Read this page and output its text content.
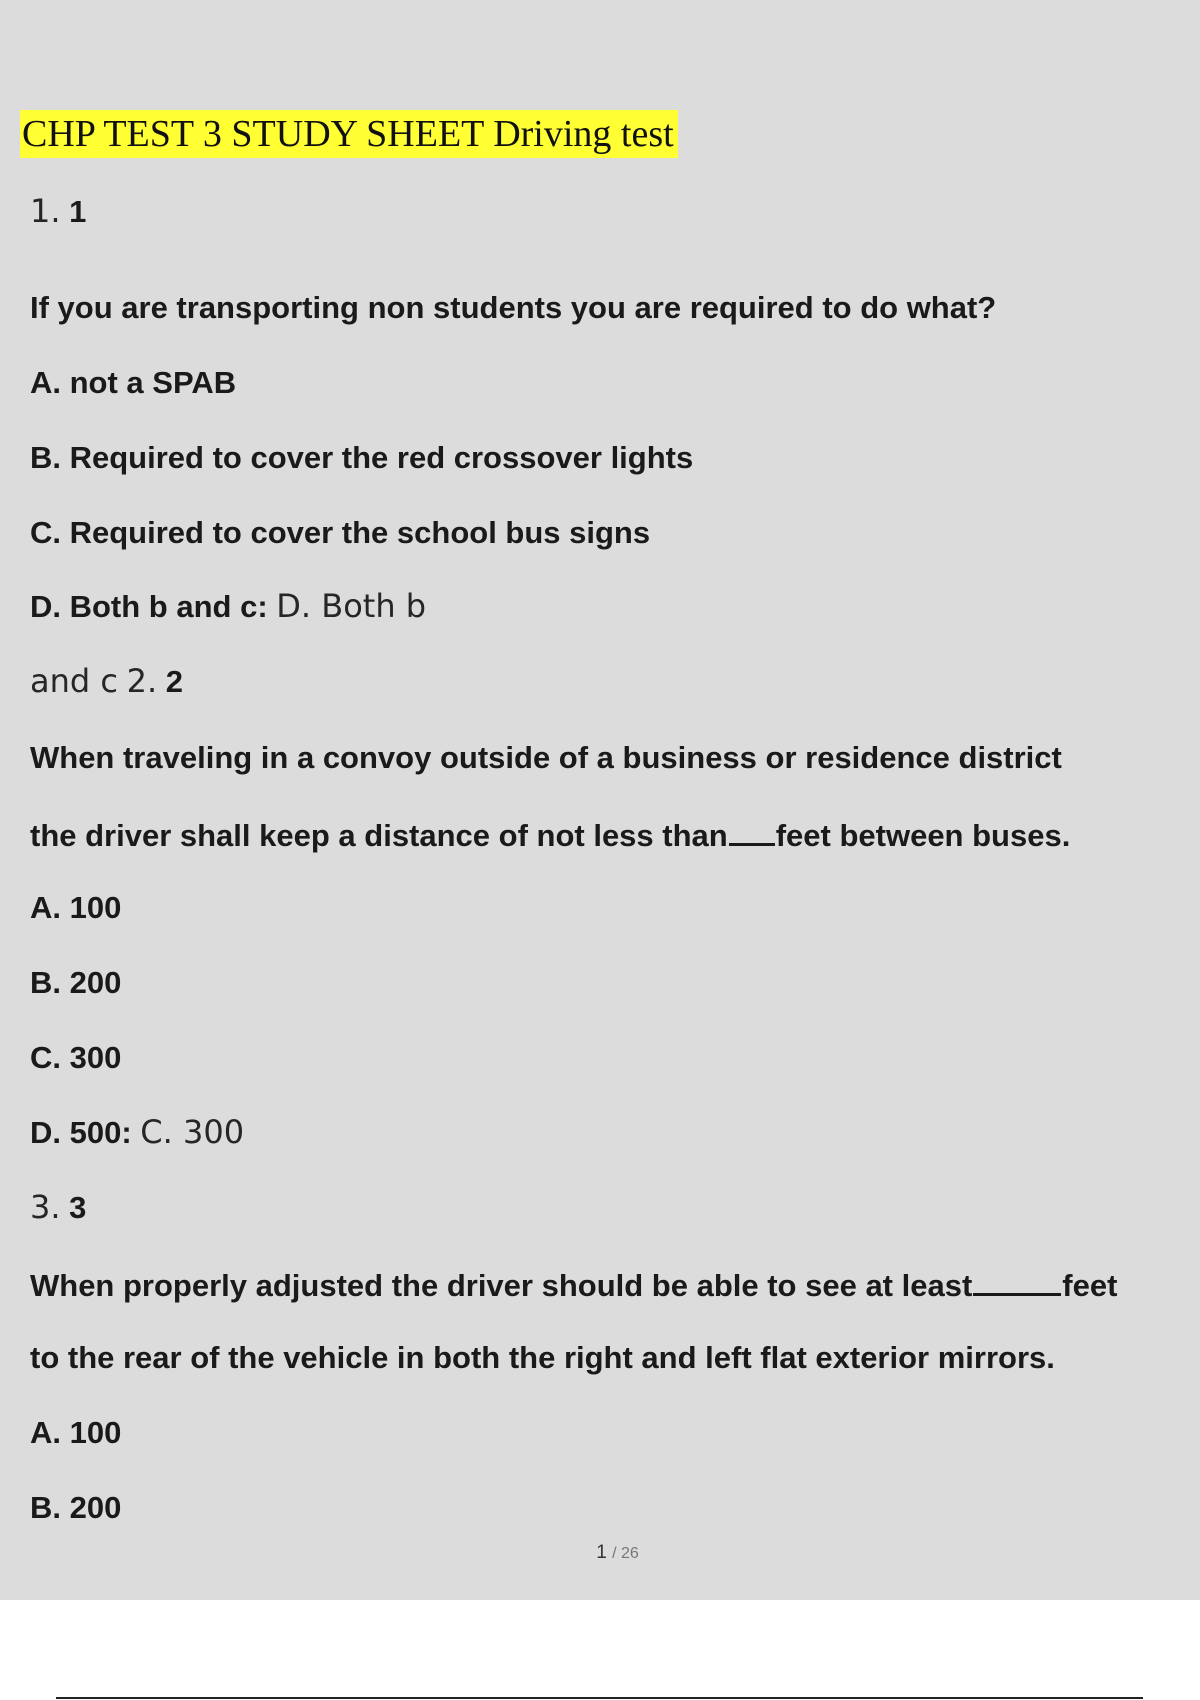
CHP TEST 3 STUDY SHEET Driving test
1. 1
If you are transporting non students you are required to do what?
A. not a SPAB
B. Required to cover the red crossover lights
C. Required to cover the school bus signs
D. Both b and c: D. Both b
and c 2. 2
When traveling in a convoy outside of a business or residence district
the driver shall keep a distance of not less than feet between buses.
A. 100
B. 200
C. 300
D. 500: C. 300
3. 3
When properly adjusted the driver should be able to see at least	feet
to the rear of the vehicle in both the right and left flat exterior mirrors.
A. 100
B. 200
1 / 26
